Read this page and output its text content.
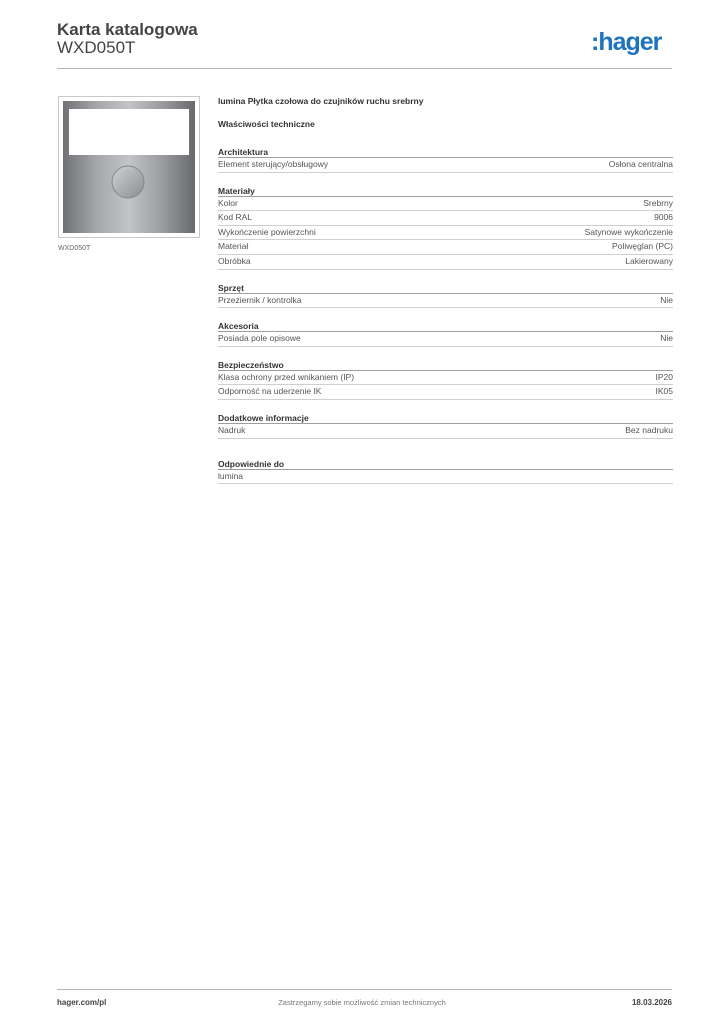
Karta katalogowa
WXD050T	:hager
WXD050T
lumina Płytka czołowa do czujników ruchu srebrny
Właściwości techniczne
Architektura
Element sterujący/obsługowy	Osłona centralna
Materiały
Kolor	Srebrny
Kod RAL	9006
Wykończenie powierzchni	Satynowe wykończenie
Materiał	Poliwęglan (PC)
Obróbka	Lakierowany
Sprzęt
Przeziernik / kontrolka	Nie
Akcesoria
Posiada pole opisowe	Nie
Bezpieczeństwo
Klasa ochrony przed wnikaniem (IP)	IP20
Odporność na uderzenie IK	IK05
Dodatkowe informacje
Nadruk	Bez nadruku
Odpowiednie do
lumina
hager.com/pl	Zastrzegamy sobie możliwość zmian technicznych	18.03.2026
